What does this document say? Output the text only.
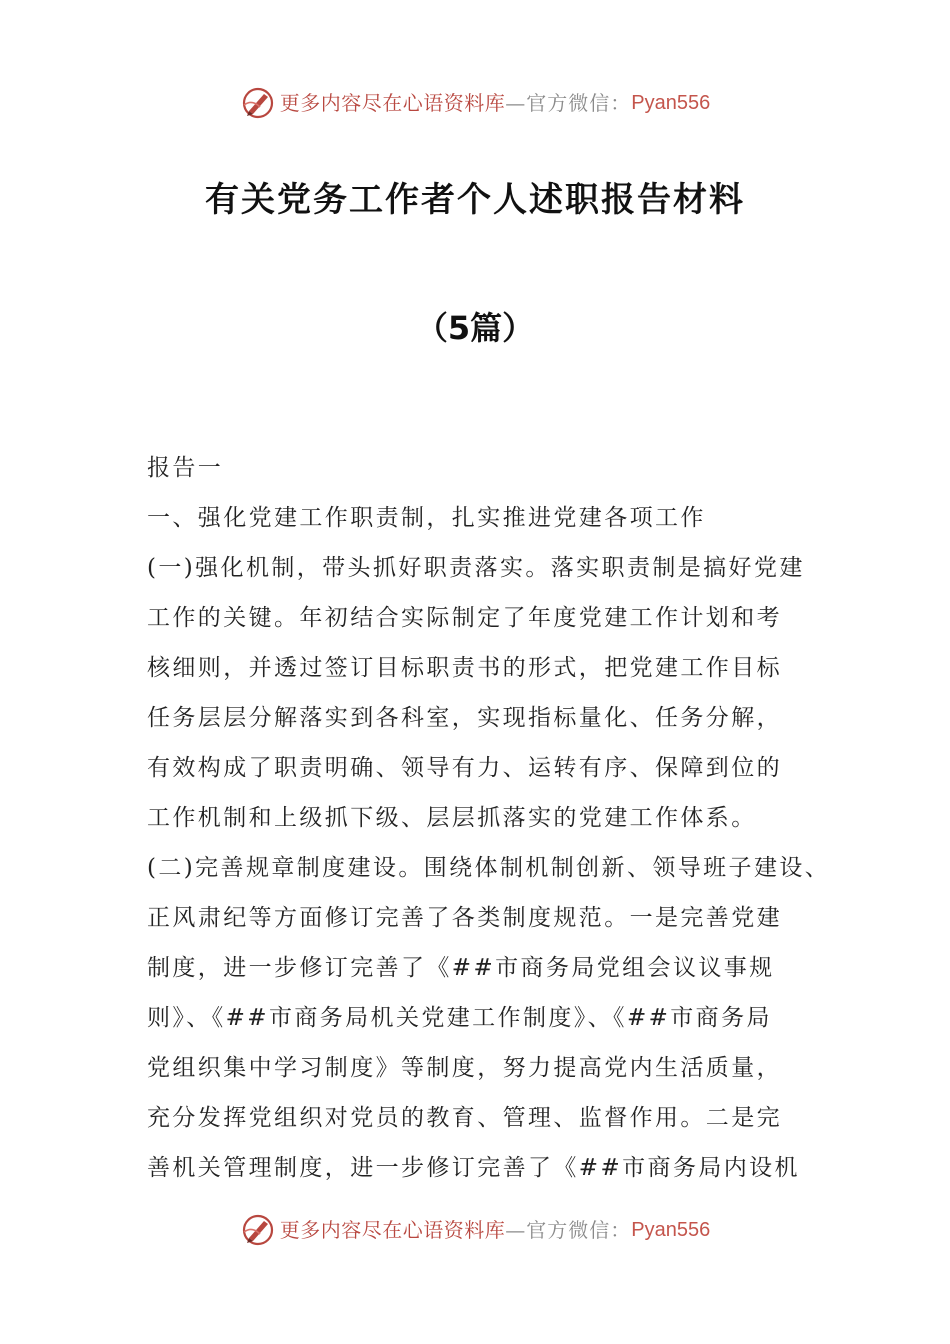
更多内容尽在心语资料库 —官方微信： Pyan556
有关党务工作者个人述职报告材料
（5篇）
报告一
一、强化党建工作职责制，扎实推进党建各项工作
(一)强化机制，带头抓好职责落实。落实职责制是搞好党建
工作的关键。年初结合实际制定了年度党建工作计划和考
核细则，并透过签订目标职责书的形式，把党建工作目标
任务层层分解落实到各科室，实现指标量化、任务分解，
有效构成了职责明确、领导有力、运转有序、保障到位的
工作机制和上级抓下级、层层抓落实的党建工作体系。
(二)完善规章制度建设。围绕体制机制创新、领导班子建设、
正风肃纪等方面修订完善了各类制度规范。一是完善党建
制度，进一步修订完善了《##市商务局党组会议议事规
则》、《##市商务局机关党建工作制度》、《##市商务局
党组织集中学习制度》等制度，努力提高党内生活质量，
充分发挥党组织对党员的教育、管理、监督作用。二是完
善机关管理制度，进一步修订完善了《##市商务局内设机
更多内容尽在心语资料库 —官方微信： Pyan556
